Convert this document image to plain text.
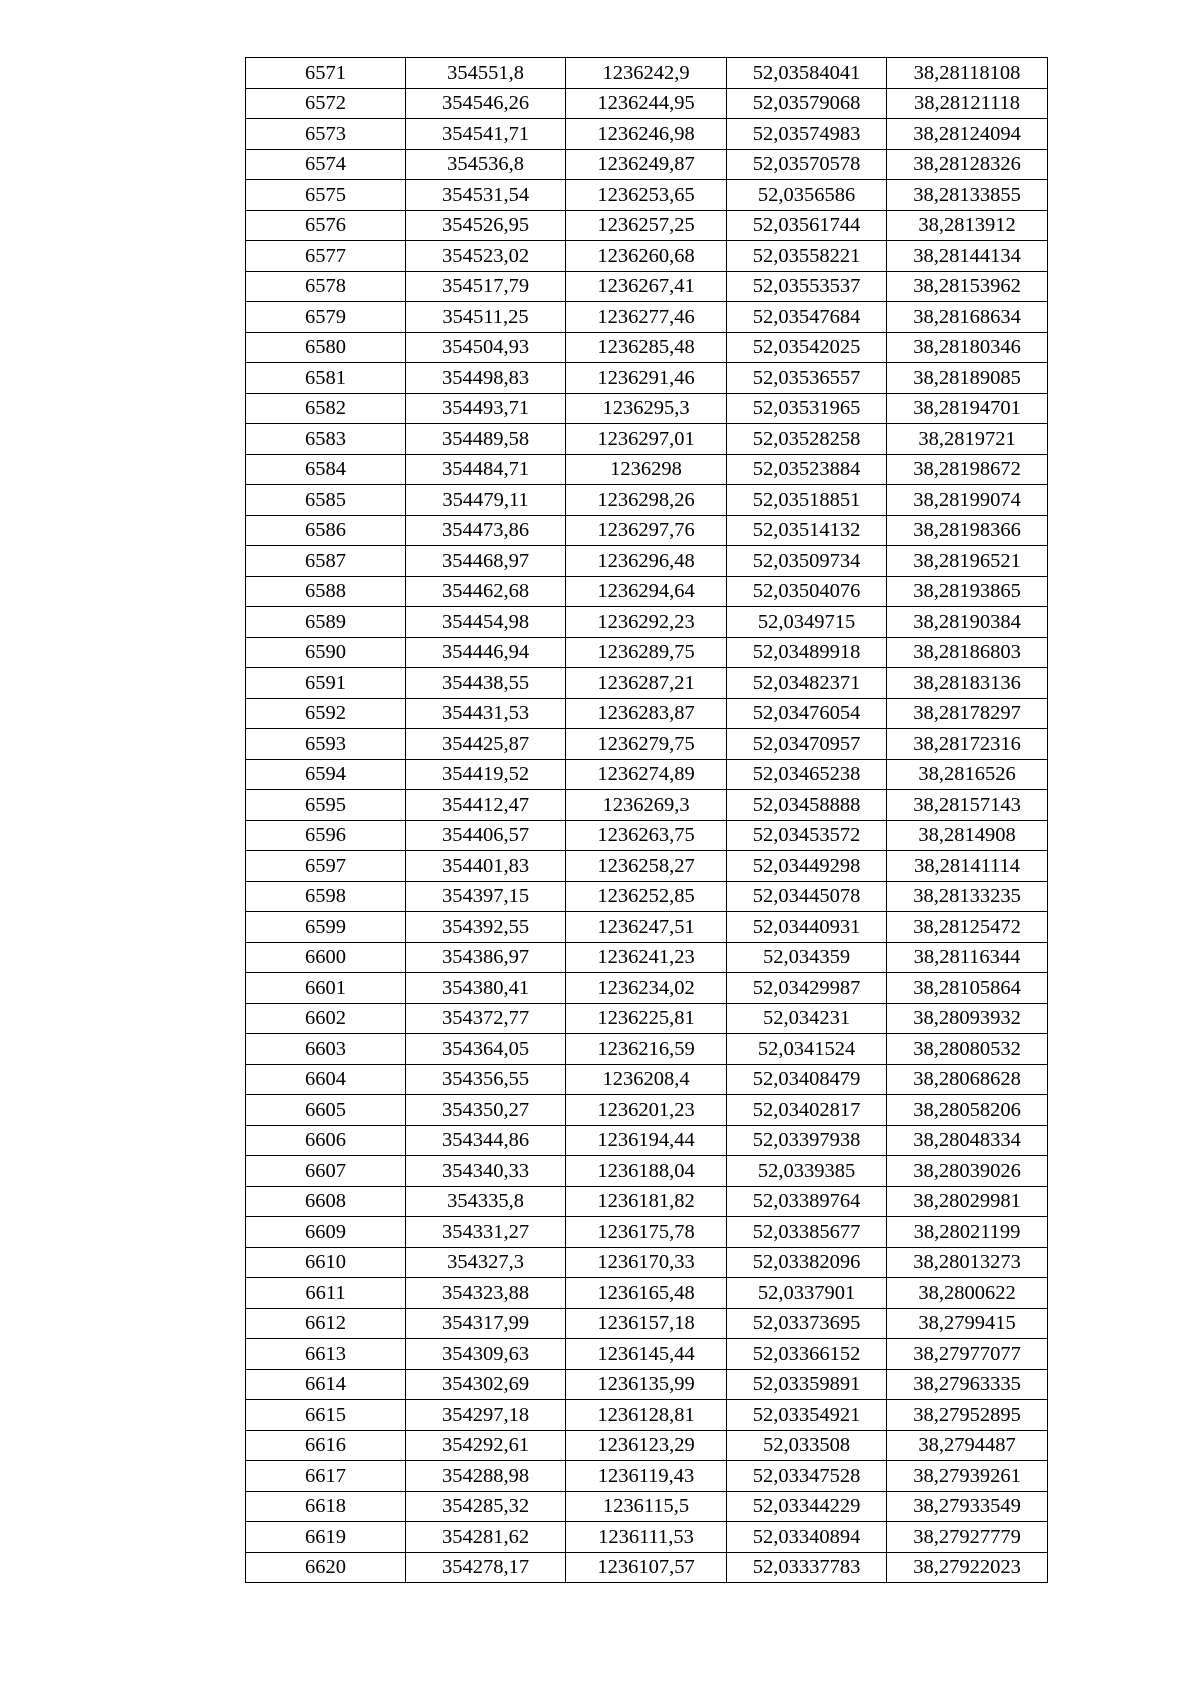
6571	354551,8	1236242,9	52,03584041	38,28118108
6572	354546,26	1236244,95	52,03579068	38,28121118
6573	354541,71	1236246,98	52,03574983	38,28124094
6574	354536,8	1236249,87	52,03570578	38,28128326
6575	354531,54	1236253,65	52,0356586	38,28133855
6576	354526,95	1236257,25	52,03561744	38,2813912
6577	354523,02	1236260,68	52,03558221	38,28144134
6578	354517,79	1236267,41	52,03553537	38,28153962
6579	354511,25	1236277,46	52,03547684	38,28168634
6580	354504,93	1236285,48	52,03542025	38,28180346
6581	354498,83	1236291,46	52,03536557	38,28189085
6582	354493,71	1236295,3	52,03531965	38,28194701
6583	354489,58	1236297,01	52,03528258	38,2819721
6584	354484,71	1236298	52,03523884	38,28198672
6585	354479,11	1236298,26	52,03518851	38,28199074
6586	354473,86	1236297,76	52,03514132	38,28198366
6587	354468,97	1236296,48	52,03509734	38,28196521
6588	354462,68	1236294,64	52,03504076	38,28193865
6589	354454,98	1236292,23	52,0349715	38,28190384
6590	354446,94	1236289,75	52,03489918	38,28186803
6591	354438,55	1236287,21	52,03482371	38,28183136
6592	354431,53	1236283,87	52,03476054	38,28178297
6593	354425,87	1236279,75	52,03470957	38,28172316
6594	354419,52	1236274,89	52,03465238	38,2816526
6595	354412,47	1236269,3	52,03458888	38,28157143
6596	354406,57	1236263,75	52,03453572	38,2814908
6597	354401,83	1236258,27	52,03449298	38,28141114
6598	354397,15	1236252,85	52,03445078	38,28133235
6599	354392,55	1236247,51	52,03440931	38,28125472
6600	354386,97	1236241,23	52,034359	38,28116344
6601	354380,41	1236234,02	52,03429987	38,28105864
6602	354372,77	1236225,81	52,034231	38,28093932
6603	354364,05	1236216,59	52,0341524	38,28080532
6604	354356,55	1236208,4	52,03408479	38,28068628
6605	354350,27	1236201,23	52,03402817	38,28058206
6606	354344,86	1236194,44	52,03397938	38,28048334
6607	354340,33	1236188,04	52,0339385	38,28039026
6608	354335,8	1236181,82	52,03389764	38,28029981
6609	354331,27	1236175,78	52,03385677	38,28021199
6610	354327,3	1236170,33	52,03382096	38,28013273
6611	354323,88	1236165,48	52,0337901	38,2800622
6612	354317,99	1236157,18	52,03373695	38,2799415
6613	354309,63	1236145,44	52,03366152	38,27977077
6614	354302,69	1236135,99	52,03359891	38,27963335
6615	354297,18	1236128,81	52,03354921	38,27952895
6616	354292,61	1236123,29	52,033508	38,2794487
6617	354288,98	1236119,43	52,03347528	38,27939261
6618	354285,32	1236115,5	52,03344229	38,27933549
6619	354281,62	1236111,53	52,03340894	38,27927779
6620	354278,17	1236107,57	52,03337783	38,27922023
